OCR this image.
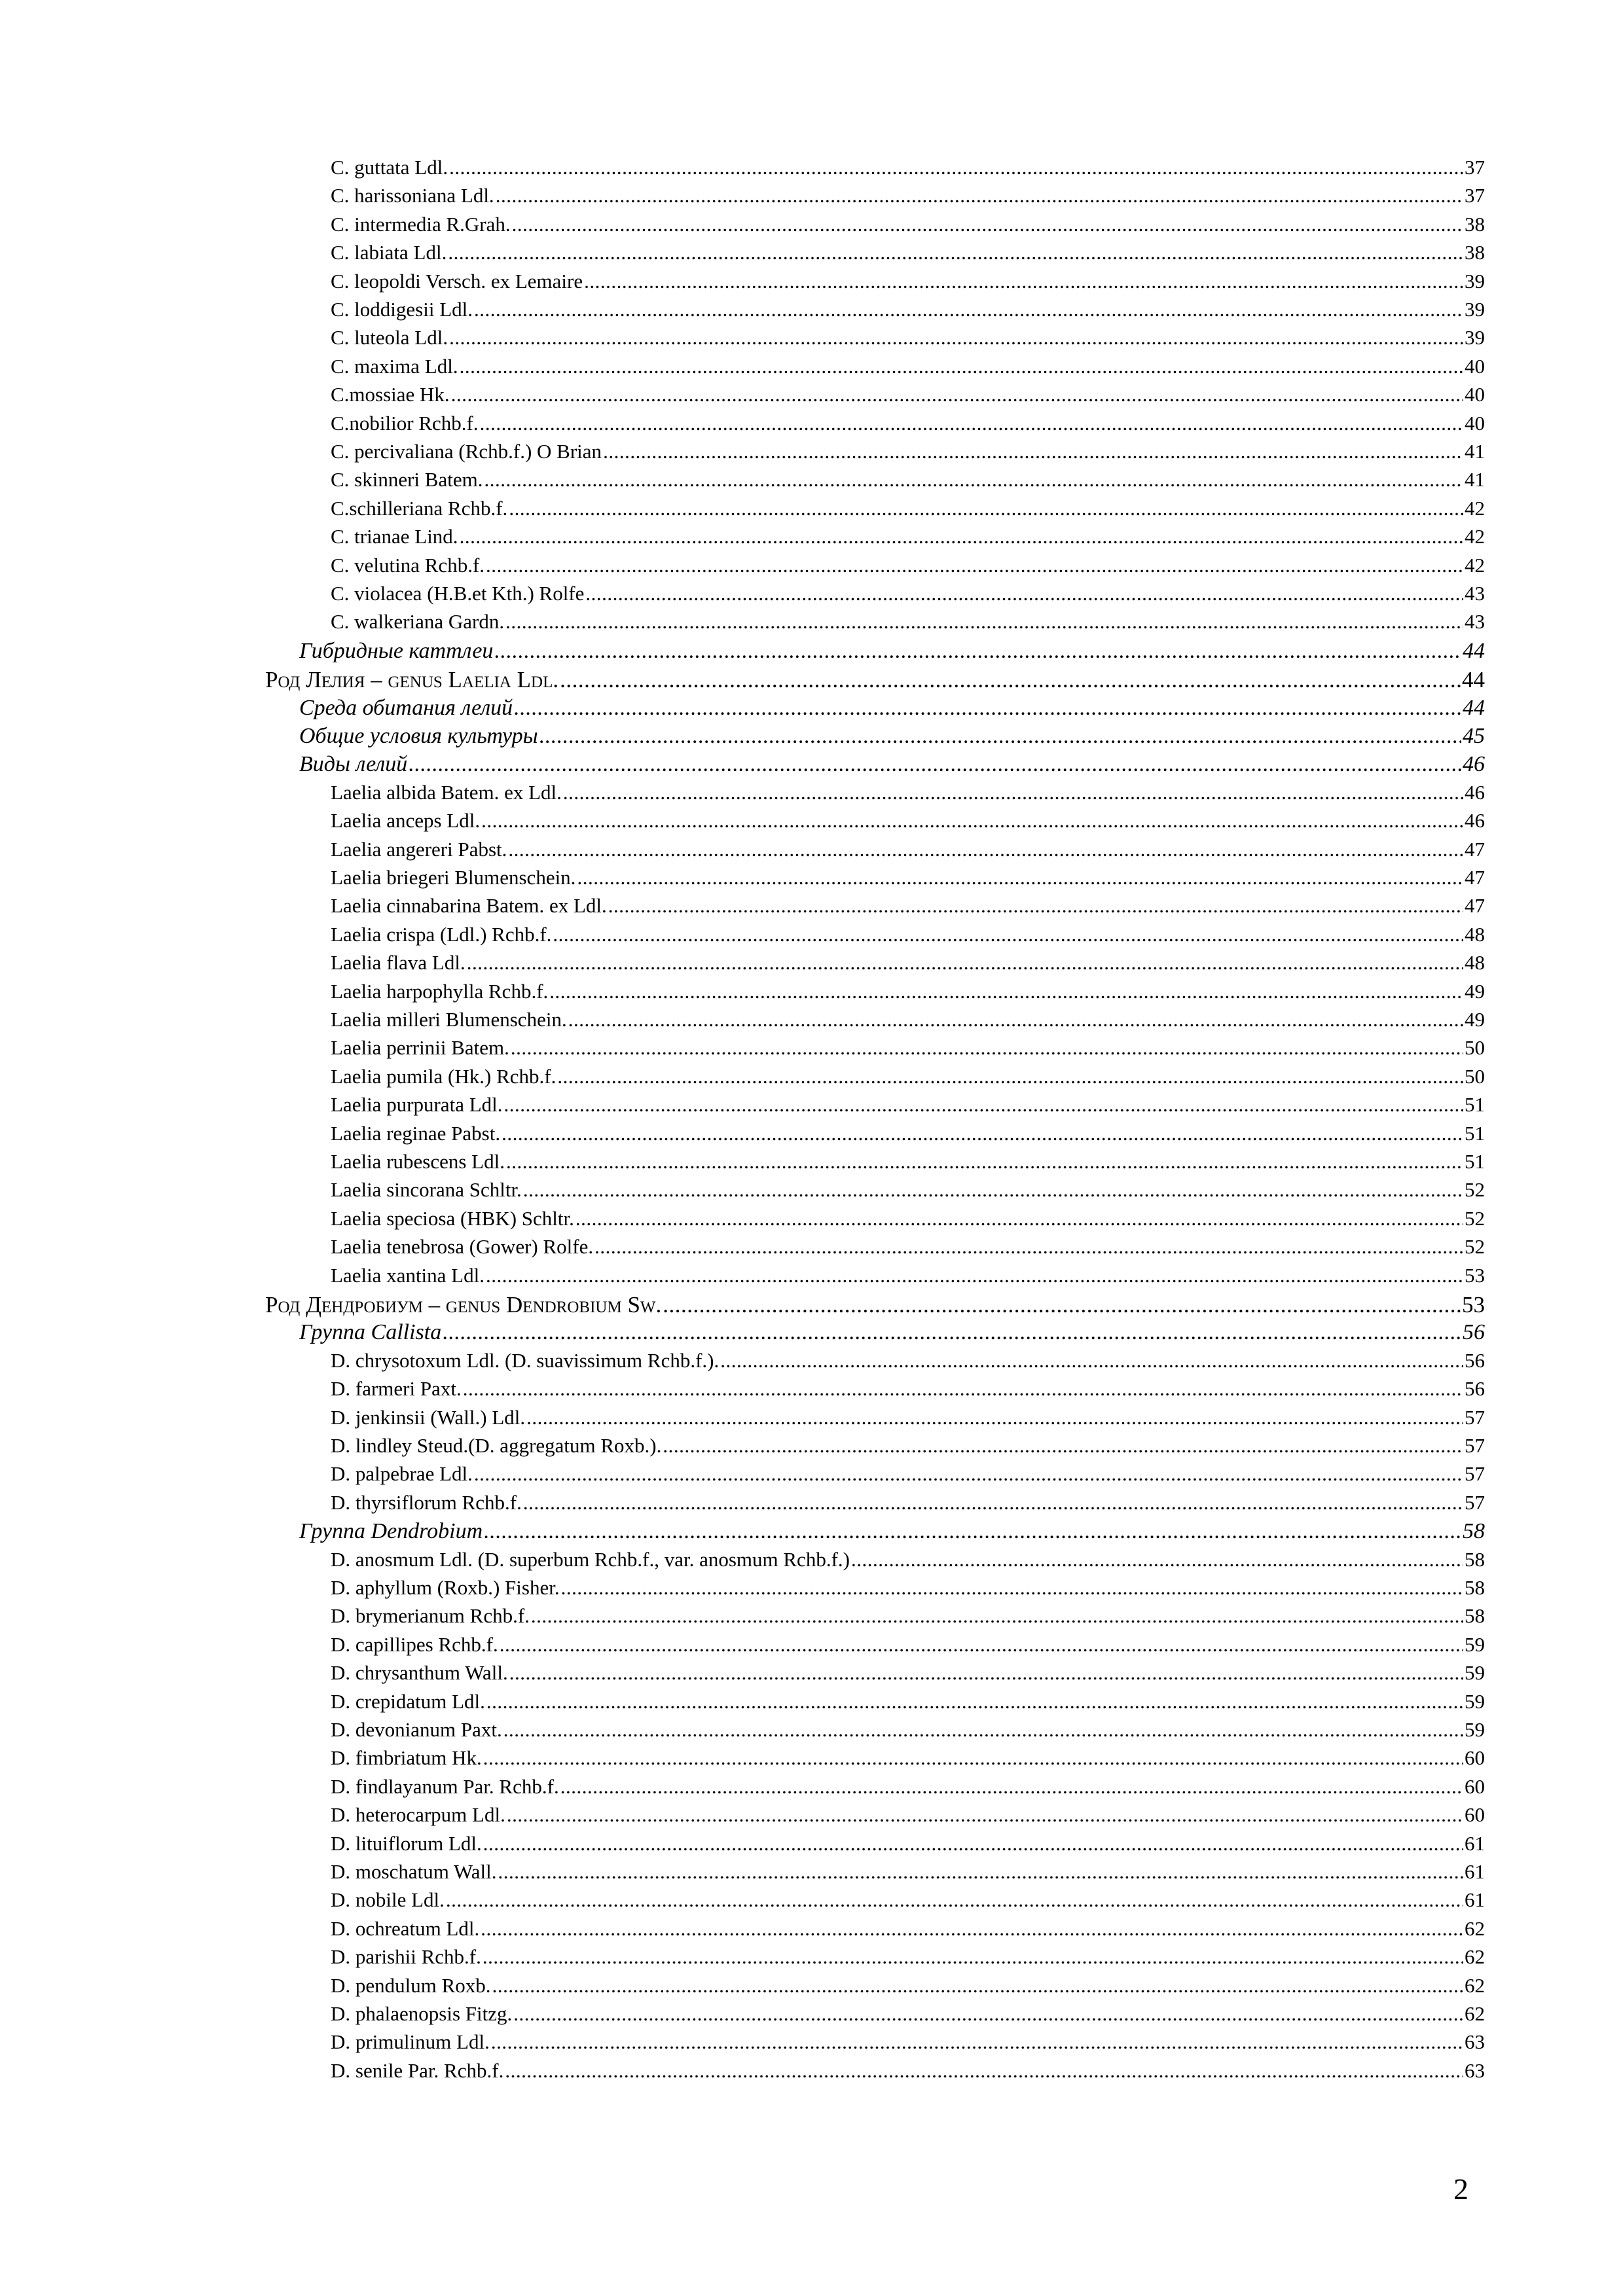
C. guttata Ldl. .....	37
C. harissoniana Ldl. .....	37
C. intermedia R.Grah. .....	38
C. labiata Ldl. .....	38
C. leopoldi Versch. ex Lemaire .....	39
C. loddigesii Ldl. .....	39
C. luteola Ldl. .....	39
C. maxima Ldl. .....	40
C.mossiae Hk. .....	40
C.nobilior Rchb.f. .....	40
C. percivaliana (Rchb.f.) O Brian .....	41
C. skinneri Batem. .....	41
C.schilleriana Rchb.f. .....	42
C. trianae Lind. .....	42
C. velutina Rchb.f. .....	42
C. violacea (H.B.et Kth.) Rolfe .....	43
C. walkeriana Gardn. .....	43
Гибридные каттлеи .....	44
Род Лелия – genus Laelia Ldl. .....	44
Среда обитания лелий .....	44
Общие условия культуры .....	45
Виды лелий .....	46
Laelia albida Batem. ex Ldl. .....	46
Laelia anceps Ldl. .....	46
Laelia angereri Pabst. .....	47
Laelia briegeri Blumenschein. .....	47
Laelia cinnabarina Batem. ex Ldl. .....	47
Laelia crispa (Ldl.) Rchb.f. .....	48
Laelia flava Ldl. .....	48
Laelia harpophylla Rchb.f. .....	49
Laelia milleri Blumenschein. .....	49
Laelia perrinii Batem. .....	50
Laelia pumila (Hk.) Rchb.f. .....	50
Laelia purpurata Ldl. .....	51
Laelia reginae Pabst. .....	51
Laelia rubescens Ldl. .....	51
Laelia sincorana Schltr. .....	52
Laelia speciosa (HBK) Schltr. .....	52
Laelia tenebrosa (Gower) Rolfe. .....	52
Laelia xantina Ldl. .....	53
Род Дендробиум – genus Dendrobium Sw. .....	53
Группа Callista .....	56
D. chrysotoxum Ldl. (D. suavissimum Rchb.f.). .....	56
D. farmeri Paxt. .....	56
D. jenkinsii (Wall.) Ldl. .....	57
D. lindley Steud.(D. aggregatum Roxb.). .....	57
D. palpebrae Ldl. .....	57
D. thyrsiflorum Rchb.f. .....	57
Группа Dendrobium .....	58
D. anosmum Ldl. (D. superbum Rchb.f., var. anosmum Rchb.f.) .....	58
D. aphyllum (Roxb.) Fisher. .....	58
D. brymerianum Rchb.f. .....	58
D. capillipes Rchb.f. .....	59
D. chrysanthum Wall. .....	59
D. crepidatum Ldl. .....	59
D. devonianum Paxt. .....	59
D. fimbriatum Hk. .....	60
D. findlayanum Par. Rchb.f. .....	60
D. heterocarpum Ldl. .....	60
D. lituiflorum Ldl. .....	61
D. moschatum Wall. .....	61
D. nobile Ldl. .....	61
D. ochreatum Ldl. .....	62
D. parishii Rchb.f. .....	62
D. pendulum Roxb. .....	62
D. phalaenopsis Fitzg. .....	62
D. primulinum Ldl. .....	63
D. senile Par. Rchb.f. .....	63
2
